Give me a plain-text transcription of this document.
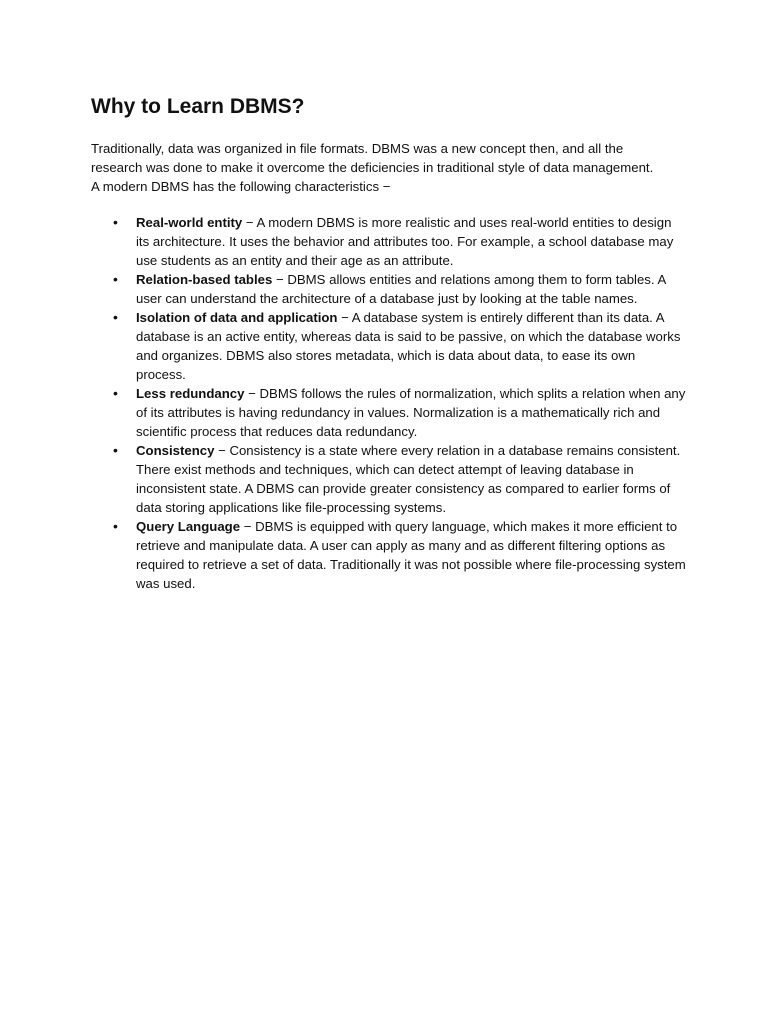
Why to Learn DBMS?

Traditionally, data was organized in file formats. DBMS was a new concept then, and all the research was done to make it overcome the deficiencies in traditional style of data management. A modern DBMS has the following characteristics −

• Real-world entity − A modern DBMS is more realistic and uses real-world entities to design its architecture. It uses the behavior and attributes too. For example, a school database may use students as an entity and their age as an attribute.
• Relation-based tables − DBMS allows entities and relations among them to form tables. A user can understand the architecture of a database just by looking at the table names.
• Isolation of data and application − A database system is entirely different than its data. A database is an active entity, whereas data is said to be passive, on which the database works and organizes. DBMS also stores metadata, which is data about data, to ease its own process.
• Less redundancy − DBMS follows the rules of normalization, which splits a relation when any of its attributes is having redundancy in values. Normalization is a mathematically rich and scientific process that reduces data redundancy.
• Consistency − Consistency is a state where every relation in a database remains consistent. There exist methods and techniques, which can detect attempt of leaving database in inconsistent state. A DBMS can provide greater consistency as compared to earlier forms of data storing applications like file-processing systems.
• Query Language − DBMS is equipped with query language, which makes it more efficient to retrieve and manipulate data. A user can apply as many and as different filtering options as required to retrieve a set of data. Traditionally it was not possible where file-processing system was used.
